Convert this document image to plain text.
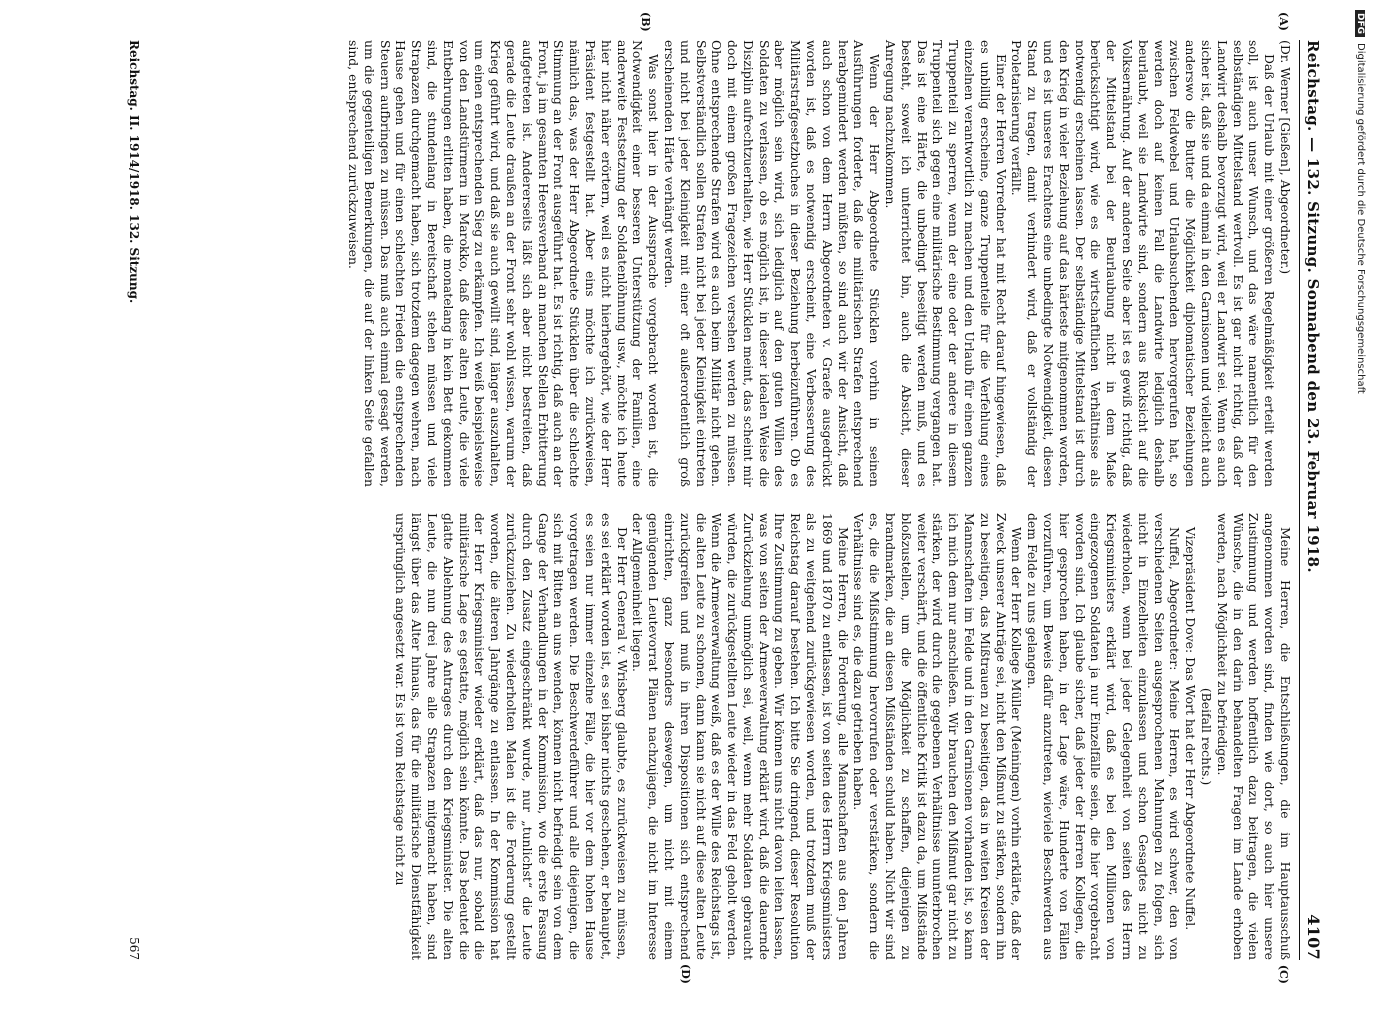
Reichstag. — 132. Sitzung. Sonnabend den 23. Februar 1918.
4107
(A)
(B)

(Dr. Werner [Gießen], Abgeordneter.)

Daß der Urlaub mit einer größeren Regelmäßigkeit erteilt werden soll, ist auch unser Wunsch, und das wäre namentlich für den selbständigen Mittelstand wertvoll. Es ist gar nicht richtig, daß der Landwirt deshalb bevorzugt wird, weil er Landwirt sei. Wenn es auch sicher ist, daß sie und da einmal in den Garnisonen und vielleicht auch anderswo die Butter die Möglichkeit diplomatischer Beziehungen zwischen Feldwebel und Urlaubsuchenden hervorgerufen hat, so werden doch auf keinen Fall die Landwirte lediglich deshalb beurlaubt, weil sie Landwirte sind, sondern aus Rücksicht auf die Volksernährung. Auf der anderen Seite aber ist es gewiß richtig, daß der Mittelstand bei der Beurlaubung nicht in dem Maße berücksichtigt wird, wie es die wirtschaftlichen Verhältnisse als notwendig erscheinen lassen. Der selbständige Mittelstand ist durch den Krieg in vieler Beziehung auf das härteste mitgenommen worden, und es ist unseres Erachtens eine unbedingte Notwendigkeit, diesen Stand zu tragen, damit verhindert wird, daß er vollständig der Proletarisierung verfällt.

Einer der Herren Vorredner hat mit Recht darauf hingewiesen, daß es unbillig erscheine, ganze Truppenteile für die Verfehlung eines einzelnen verantwortlich zu machen und den Urlaub für einen ganzen Truppenteil zu sperren, wenn der eine oder der andere in diesem Truppenteil sich gegen eine militärische Bestimmung vergangen hat. Das ist eine Härte, die unbedingt beseitigt werden muß, und es besteht, soweit ich unterrichtet bin, auch die Absicht, dieser Anregung nachzukommen.

Wenn der Herr Abgeordnete Stücklen vorhin in seinen Ausführungen forderte, daß die militärischen Strafen entsprechend herabgemindert werden müßten, so sind auch wir der Ansicht, daß auch schon von dem Herrn Abgeordneten v. Graefe ausgedrückt worden ist, daß es notwendig erscheint, eine Verbesserung des Militärstrafgesetzbuches in dieser Beziehung herbeizuführen. Ob es aber möglich sein wird, sich lediglich auf den guten Willen des Soldaten zu verlassen, ob es möglich ist, in dieser idealen Weise die Disziplin aufrechtzuerhalten, wie Herr Stücklen meint, das scheint mir doch mit einem großen Fragezeichen versehen werden zu müssen. Ohne entsprechende Strafen wird es auch beim Militär nicht gehen. Selbstverständlich sollen Strafen nicht bei jeder Kleinigkeit eintreten und nicht bei jeder Kleinigkeit mit einer oft außerordentlich groß erscheinenden Härte verhängt werden.

Was sonst hier in der Aussprache vorgebracht worden ist, die Notwendigkeit einer besseren Unterstützung der Familien, eine anderweite Festsetzung der Soldatenlöhnung usw., möchte ich heute hier nicht näher erörtern, weil es nicht hierhergehört, wie der Herr Präsident festgestellt hat. Aber eins möchte ich zurückweisen, nämlich das, was der Herr Abgeordnete Stücklen über die schlechte Stimmung an der Front ausgeführt hat. Es ist richtig, daß auch an der Front, ja im gesamten Heeresverband an manchen Stellen Erbitterung aufgetreten ist. Andererseits läßt sich aber nicht bestreiten, daß gerade die Leute draußen an der Front sehr wohl wissen, warum der Krieg geführt wird, und daß sie auch gewillt sind, länger auszuhalten, um einen entsprechenden Sieg zu erkämpfen. Ich weiß beispielsweise von den Landstürmern in Marokko, daß diese alten Leute, die viele Entbehrungen erlitten haben, die monatelang in kein Bett gekommen sind, die stundenlang in Bereitschaft stehen müssen und viele Strapazen durchgemacht haben, sich trotzdem dagegen wehren, nach Hause gehen und für einen schlechten Frieden die entsprechenden Steuern aufbringen zu müssen. Das muß auch einmal gesagt werden, um die gegenteiligen Bemerkungen, die auf der linken Seite gefallen sind, entsprechend zurückzuweisen.

(C)
(D)

Meine Herren, die Entschließungen, die im Hauptausschuß angenommen worden sind, finden wie dort, so auch hier unsere Zustimmung und werden hoffentlich dazu beitragen, die vielen Wünsche, die in den darin behandelten Fragen im Lande erhoben werden, nach Möglichkeit zu befriedigen.

(Beifall rechts.)

Vizepräsident Dove: Das Wort hat der Herr Abgeordnete Nuffel.

Nuffel, Abgeordneter: Meine Herren, es wird schwer, den von verschiedenen Seiten ausgesprochenen Mahnungen zu folgen, sich nicht in Einzelheiten einzulassen und schon Gesagtes nicht zu wiederholen, wenn bei jeder Gelegenheit von seiten des Herrn Kriegsministers erklärt wird, daß es bei den Millionen von eingezogenen Soldaten ja nur Einzelfälle seien, die hier vorgebracht worden sind. Ich glaube sicher, daß jeder der Herren Kollegen, die hier gesprochen haben, in der Lage wäre, Hunderte von Fällen vorzuführen, um Beweis dafür anzutreten, wieviele Beschwerden aus dem Felde zu uns gelangen.

Wenn der Herr Kollege Müller (Meiningen) vorhin erklärte, daß der Zweck unserer Anträge sei, nicht den Mißmut zu stärken, sondern ihn zu beseitigen, das Mißtrauen zu beseitigen, das in weiten Kreisen der Mannschaften im Felde und in den Garnisonen vorhanden ist, so kann ich mich dem nur anschließen. Wir brauchen den Mißmut gar nicht zu stärken, der wird durch die gegebenen Verhältnisse ununterbrochen weiter verschärft, und die öffentliche Kritik ist dazu da, um Mißstände bloßzustellen, um die Möglichkeit zu schaffen, diejenigen zu brandmarken, die an diesen Mißständen schuld haben. Nicht wir sind es, die die Mißstimmung hervorrufen oder verstärken, sondern die Verhältnisse sind es, die dazu getrieben haben.

Meine Herren, die Forderung, alle Mannschaften aus den Jahren 1869 und 1870 zu entlassen, ist von seiten des Herrn Kriegsministers als zu weitgehend zurückgewiesen worden, und trotzdem muß der Reichstag darauf bestehen. Ich bitte Sie dringend, dieser Resolution Ihre Zustimmung zu geben. Wir können uns nicht davon leiten lassen, was von seiten der Armeeverwaltung erklärt wird, daß die dauernde Zurückziehung unmöglich sei, weil, wenn mehr Soldaten gebraucht würden, die zurückgestellten Leute wieder in das Feld geholt werden. Wenn die Armeeverwaltung weiß, daß es der Wille des Reichstags ist, die alten Leute zu schonen, dann kann sie nicht auf diese alten Leute zurückgreifen und muß in ihren Dispositionen sich entsprechend einrichten, ganz besonders deswegen, um nicht mit einem genügenden Leutevorrat Plänen nachzujagen, die nicht im Interesse der Allgemeinheit liegen.

Der Herr General v. Wrisberg glaubte, es zurückweisen zu müssen, es sei erklärt worden ist, es sei bisher nichts geschehen, er behauptet, es seien nur immer einzelne Fälle, die hier vor dem hohen Hause vorgetragen werden. Die Beschwerdeführer und alle diejenigen, die sich mit Bitten an uns wenden, können nicht befriedigt sein von dem Gange der Verhandlungen in der Kommission, wo die erste Fassung durch den Zusatz eingeschränkt wurde, nur „tunlichst“ die Leute zurückzuziehen. Zu wiederholten Malen ist die Forderung gestellt worden, die älteren Jahrgänge zu entlassen. In der Kommission hat der Herr Kriegsminister wieder erklärt, daß das nur, sobald die militärische Lage es gestatte, möglich sein könnte. Das bedeutet die glatte Ablehnung des Antrages durch den Kriegsminister. Die alten Leute, die nun drei Jahre alle Strapazen mitgemacht haben, sind längst über das Alter hinaus, das für die militärische Dienstfähigkeit ursprünglich angesetzt war. Es ist vom Reichstage nicht zu

Reichstag. II. 1914/1918. 132. Sitzung.
567
DFGDigitalisierung gefördert durch die Deutsche Forschungsgemeinschaft
